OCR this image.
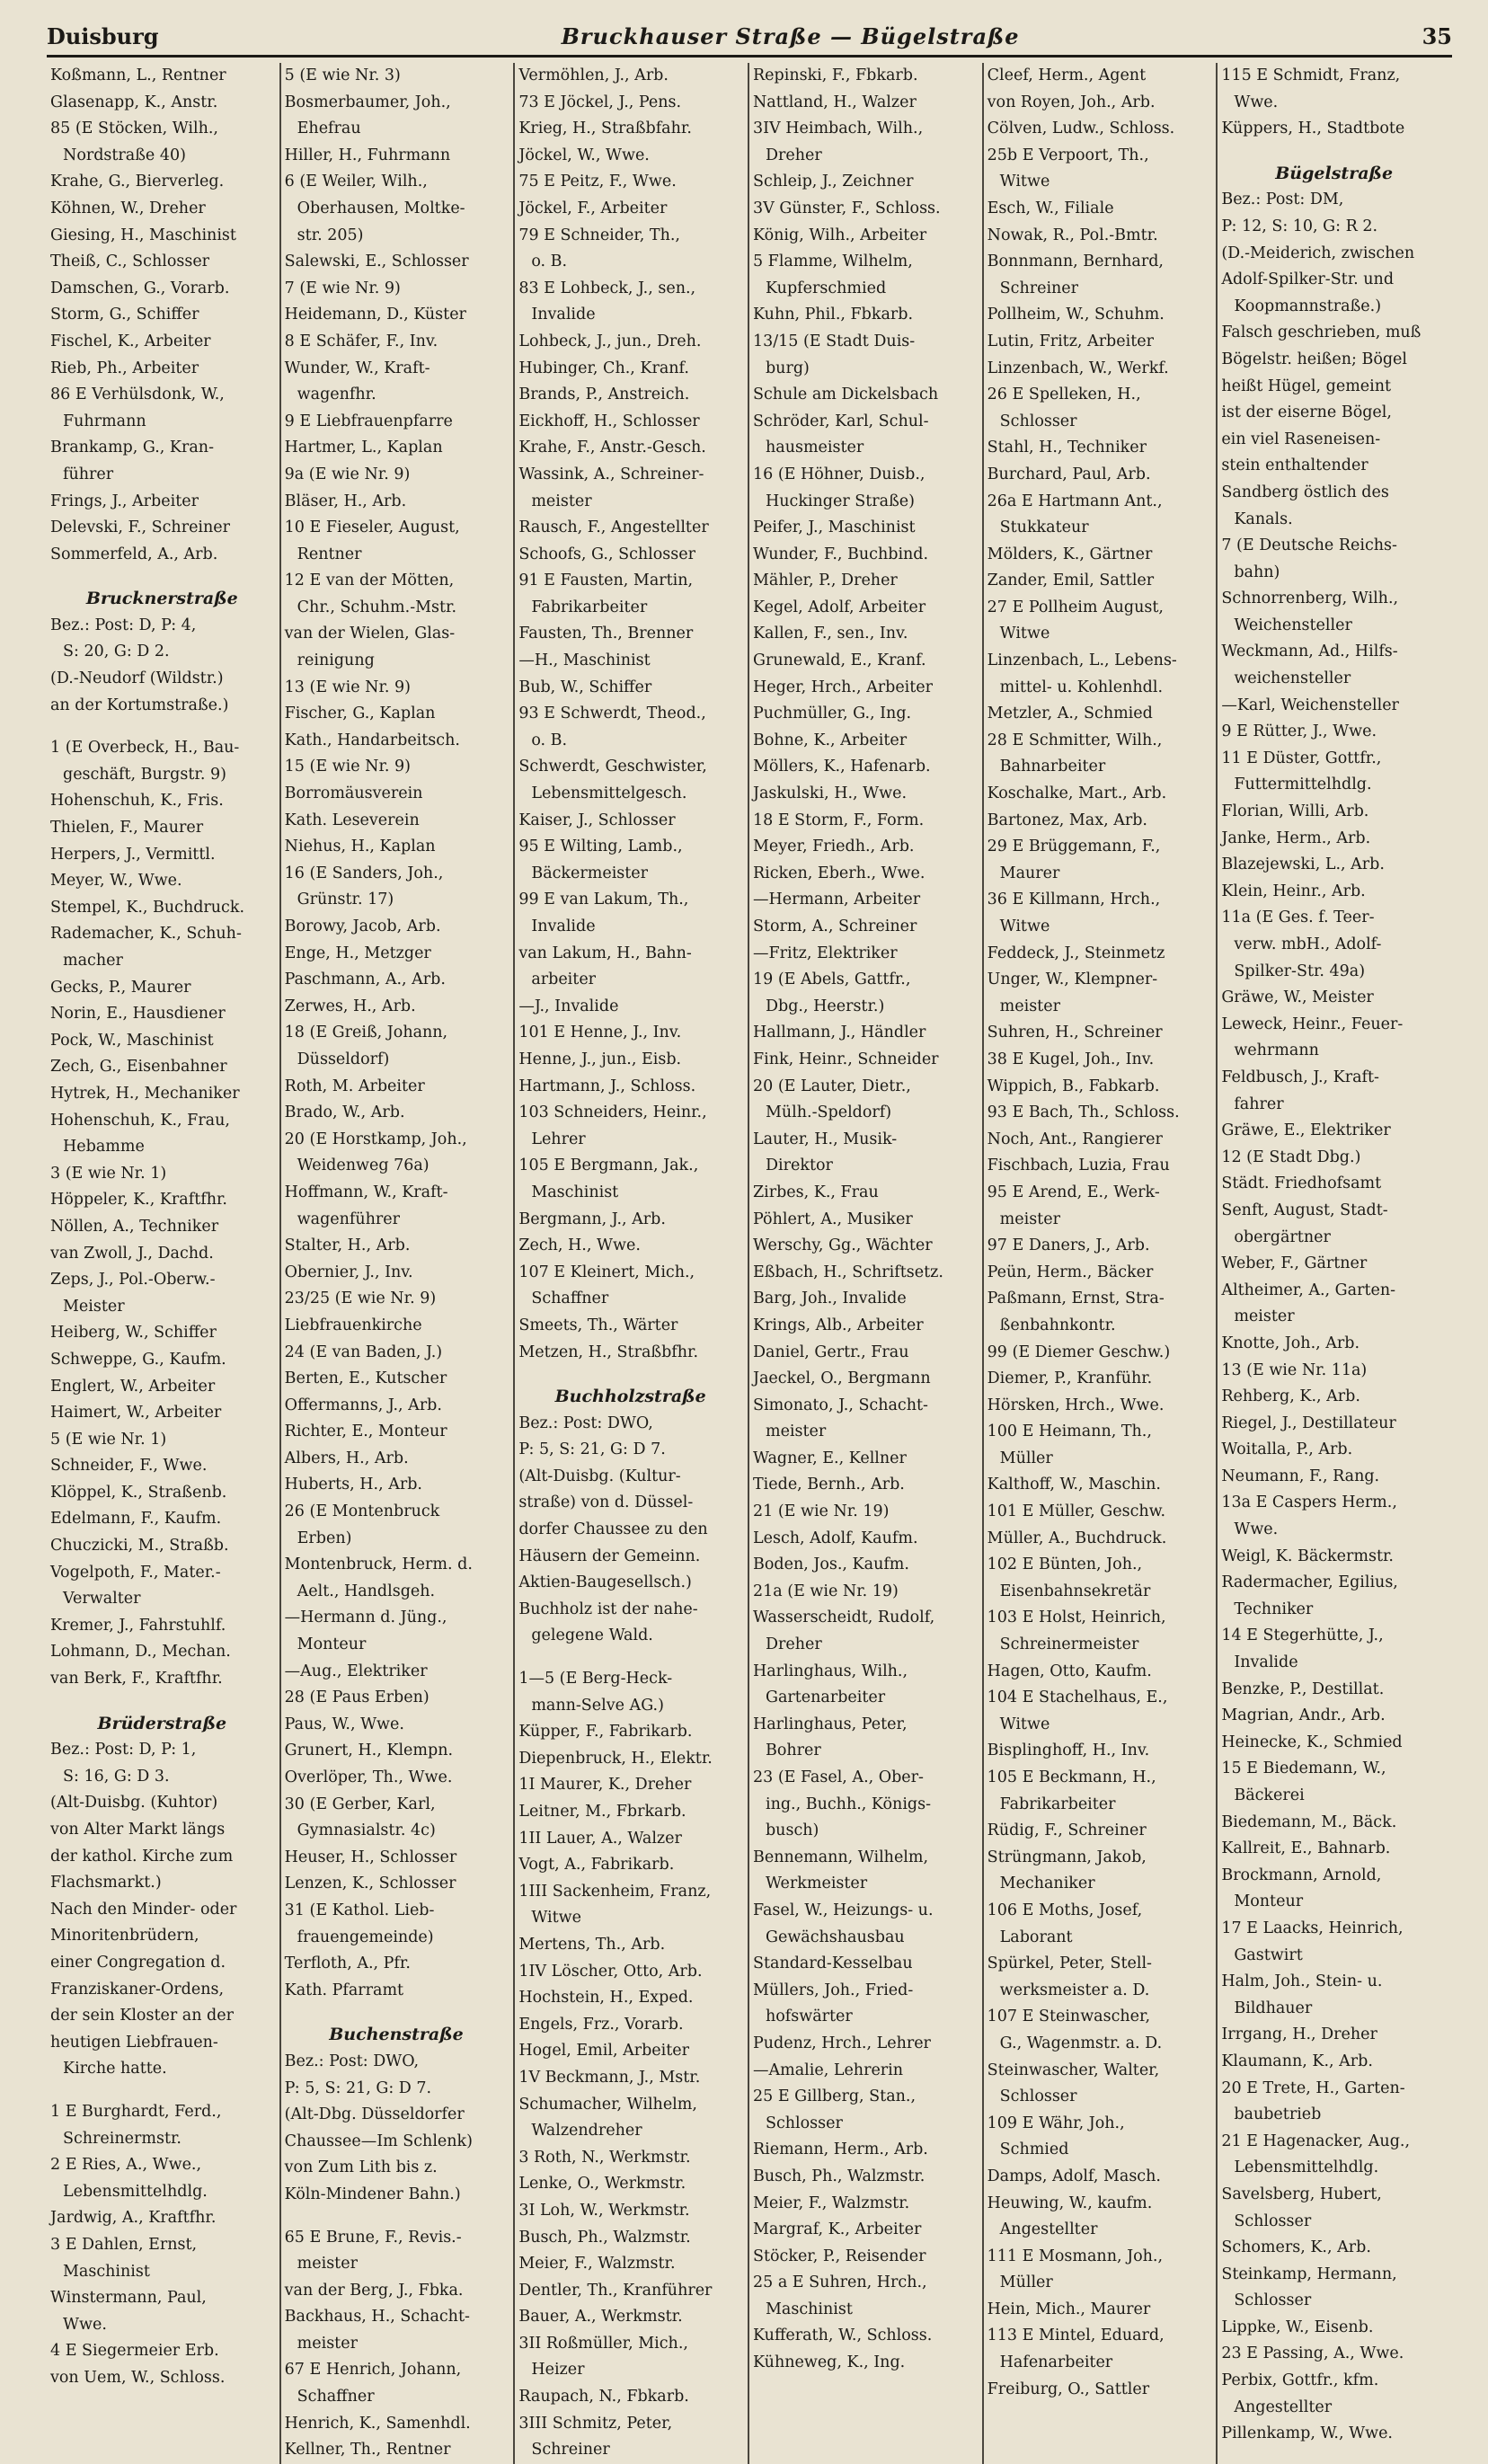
Duisburg	Bruckhauser Straße — Bügelstraße	35
Koßmann, L., Rentner
Glasenapp, K., Anstr.
85 (E Stöcken, Wilh.,
Nordstraße 40)
Krahe, G., Bierverleg.
Köhnen, W., Dreher
Giesing, H., Maschinist
Theiß, C., Schlosser
Damschen, G., Vorarb.
Storm, G., Schiffer
Fischel, K., Arbeiter
Rieb, Ph., Arbeiter
86 E Verhülsdonk, W.,
Fuhrmann
Brankamp, G., Kran-
führer
Frings, J., Arbeiter
Delevski, F., Schreiner
Sommerfeld, A., Arb.
Brucknerstraße
Bez.: Post: D, P: 4,
S: 20, G: D 2.
(D.-Neudorf (Wildstr.)
an der Kortumstraße.)
1 (E Overbeck, H., Bau-
geschäft, Burgstr. 9)
Hohenschuh, K., Fris.
Thielen, F., Maurer
Herpers, J., Vermittl.
Meyer, W., Wwe.
Stempel, K., Buchdruck.
Rademacher, K., Schuh-
macher
Gecks, P., Maurer
Norin, E., Hausdiener
Pock, W., Maschinist
Zech, G., Eisenbahner
Hytrek, H., Mechaniker
Hohenschuh, K., Frau,
Hebamme
3 (E wie Nr. 1)
Höppeler, K., Kraftfhr.
Nöllen, A., Techniker
van Zwoll, J., Dachd.
Zeps, J., Pol.-Oberw.-
Meister
Heiberg, W., Schiffer
Schweppe, G., Kaufm.
Englert, W., Arbeiter
Haimert, W., Arbeiter
5 (E wie Nr. 1)
Schneider, F., Wwe.
Klöppel, K., Straßenb.
Edelmann, F., Kaufm.
Chuczicki, M., Straßb.
Vogelpoth, F., Mater.-
Verwalter
Kremer, J., Fahrstuhlf.
Lohmann, D., Mechan.
van Berk, F., Kraftfhr.
Brüderstraße
Bez.: Post: D, P: 1,
S: 16, G: D 3.
(Alt-Duisbg. (Kuhtor)
von Alter Markt längs
der kathol. Kirche zum
Flachsmarkt.)
Nach den Minder- oder
Minoritenbrüdern,
einer Congregation d.
Franziskaner-Ordens,
der sein Kloster an der
heutigen Liebfrauen-
Kirche hatte.
1 E Burghardt, Ferd.,
Schreinermstr.
2 E Ries, A., Wwe.,
Lebensmittelhdlg.
Jardwig, A., Kraftfhr.
3 E Dahlen, Ernst,
Maschinist
Winstermann, Paul,
Wwe.
4 E Siegermeier Erb.
von Uem, W., Schloss.
5 (E wie Nr. 3)
Bosmerbaumer, Joh.,
Ehefrau
Hiller, H., Fuhrmann
6 (E Weiler, Wilh.,
Oberhausen, Moltke-
str. 205)
Salewski, E., Schlosser
7 (E wie Nr. 9)
Heidemann, D., Küster
8 E Schäfer, F., Inv.
Wunder, W., Kraft-
wagenfhr.
9 E Liebfrauenpfarre
Hartmer, L., Kaplan
9a (E wie Nr. 9)
Bläser, H., Arb.
10 E Fieseler, August,
Rentner
12 E van der Mötten,
Chr., Schuhm.-Mstr.
van der Wielen, Glas-
reinigung
13 (E wie Nr. 9)
Fischer, G., Kaplan
Kath., Handarbeitsch.
15 (E wie Nr. 9)
Borromäusverein
Kath. Leseverein
Niehus, H., Kaplan
16 (E Sanders, Joh.,
Grünstr. 17)
Borowy, Jacob, Arb.
Enge, H., Metzger
Paschmann, A., Arb.
Zerwes, H., Arb.
18 (E Greiß, Johann,
Düsseldorf)
Roth, M. Arbeiter
Brado, W., Arb.
20 (E Horstkamp, Joh.,
Weidenweg 76a)
Hoffmann, W., Kraft-
wagenführer
Stalter, H., Arb.
Obernier, J., Inv.
23/25 (E wie Nr. 9)
Liebfrauenkirche
24 (E van Baden, J.)
Berten, E., Kutscher
Offermanns, J., Arb.
Richter, E., Monteur
Albers, H., Arb.
Huberts, H., Arb.
26 (E Montenbruck
Erben)
Montenbruck, Herm. d.
Aelt., Handlsgeh.
—Hermann d. Jüng.,
Monteur
—Aug., Elektriker
28 (E Paus Erben)
Paus, W., Wwe.
Grunert, H., Klempn.
Overlöper, Th., Wwe.
30 (E Gerber, Karl,
Gymnasialstr. 4c)
Heuser, H., Schlosser
Lenzen, K., Schlosser
31 (E Kathol. Lieb-
frauengemeinde)
Terfloth, A., Pfr.
Kath. Pfarramt
Buchenstraße
Bez.: Post: DWO,
P: 5, S: 21, G: D 7.
(Alt-Dbg. Düsseldorfer
Chaussee—Im Schlenk)
von Zum Lith bis z.
Köln-Mindener Bahn.)
65 E Brune, F., Revis.-
meister
van der Berg, J., Fbka.
Backhaus, H., Schacht-
meister
67 E Henrich, Johann,
Schaffner
Henrich, K., Samenhdl.
Kellner, Th., Rentner
Vermöhlen, J., Arb.
73 E Jöckel, J., Pens.
Krieg, H., Straßbfahr.
Jöckel, W., Wwe.
75 E Peitz, F., Wwe.
Jöckel, F., Arbeiter
79 E Schneider, Th.,
o. B.
83 E Lohbeck, J., sen.,
Invalide
Lohbeck, J., jun., Dreh.
Hubinger, Ch., Kranf.
Brands, P., Anstreich.
Eickhoff, H., Schlosser
Krahe, F., Anstr.-Gesch.
Wassink, A., Schreiner-
meister
Rausch, F., Angestellter
Schoofs, G., Schlosser
91 E Fausten, Martin,
Fabrikarbeiter
Fausten, Th., Brenner
—H., Maschinist
Bub, W., Schiffer
93 E Schwerdt, Theod.,
o. B.
Schwerdt, Geschwister,
Lebensmittelgesch.
Kaiser, J., Schlosser
95 E Wilting, Lamb.,
Bäckermeister
99 E van Lakum, Th.,
Invalide
van Lakum, H., Bahn-
arbeiter
—J., Invalide
101 E Henne, J., Inv.
Henne, J., jun., Eisb.
Hartmann, J., Schloss.
103 Schneiders, Heinr.,
Lehrer
105 E Bergmann, Jak.,
Maschinist
Bergmann, J., Arb.
Zech, H., Wwe.
107 E Kleinert, Mich.,
Schaffner
Smeets, Th., Wärter
Metzen, H., Straßbfhr.
Buchholzstraße
Bez.: Post: DWO,
P: 5, S: 21, G: D 7.
(Alt-Duisbg. (Kultur-
straße) von d. Düssel-
dorfer Chaussee zu den
Häusern der Gemeinn.
Aktien-Baugesellsch.)
Buchholz ist der nahe-
gelegene Wald.
1—5 (E Berg-Heck-
mann-Selve AG.)
Küpper, F., Fabrikarb.
Diepenbruck, H., Elektr.
1I Maurer, K., Dreher
Leitner, M., Fbrkarb.
1II Lauer, A., Walzer
Vogt, A., Fabrikarb.
1III Sackenheim, Franz,
Witwe
Mertens, Th., Arb.
1IV Löscher, Otto, Arb.
Hochstein, H., Exped.
Engels, Frz., Vorarb.
Hogel, Emil, Arbeiter
1V Beckmann, J., Mstr.
Schumacher, Wilhelm,
Walzendreher
3 Roth, N., Werkmstr.
Lenke, O., Werkmstr.
3I Loh, W., Werkmstr.
Busch, Ph., Walzmstr.
Meier, F., Walzmstr.
Dentler, Th., Kranführer
Bauer, A., Werkmstr.
3II Roßmüller, Mich.,
Heizer
Raupach, N., Fbkarb.
3III Schmitz, Peter,
Schreiner
Repinski, F., Fbkarb.
Nattland, H., Walzer
3IV Heimbach, Wilh.,
Dreher
Schleip, J., Zeichner
3V Günster, F., Schloss.
König, Wilh., Arbeiter
5 Flamme, Wilhelm,
Kupferschmied
Kuhn, Phil., Fbkarb.
13/15 (E Stadt Duis-
burg)
Schule am Dickelsbach
Schröder, Karl, Schul-
hausmeister
16 (E Höhner, Duisb.,
Huckinger Straße)
Peifer, J., Maschinist
Wunder, F., Buchbind.
Mähler, P., Dreher
Kegel, Adolf, Arbeiter
Kallen, F., sen., Inv.
Grunewald, E., Kranf.
Heger, Hrch., Arbeiter
Puchmüller, G., Ing.
Bohne, K., Arbeiter
Möllers, K., Hafenarb.
Jaskulski, H., Wwe.
18 E Storm, F., Form.
Meyer, Friedh., Arb.
Ricken, Eberh., Wwe.
—Hermann, Arbeiter
Storm, A., Schreiner
—Fritz, Elektriker
19 (E Abels, Gattfr.,
Dbg., Heerstr.)
Hallmann, J., Händler
Fink, Heinr., Schneider
20 (E Lauter, Dietr.,
Mülh.-Speldorf)
Lauter, H., Musik-
Direktor
Zirbes, K., Frau
Pöhlert, A., Musiker
Werschy, Gg., Wächter
Eßbach, H., Schriftsetz.
Barg, Joh., Invalide
Krings, Alb., Arbeiter
Daniel, Gertr., Frau
Jaeckel, O., Bergmann
Simonato, J., Schacht-
meister
Wagner, E., Kellner
Tiede, Bernh., Arb.
21 (E wie Nr. 19)
Lesch, Adolf, Kaufm.
Boden, Jos., Kaufm.
21a (E wie Nr. 19)
Wasserscheidt, Rudolf,
Dreher
Harlinghaus, Wilh.,
Gartenarbeiter
Harlinghaus, Peter,
Bohrer
23 (E Fasel, A., Ober-
ing., Buchh., Königs-
busch)
Bennemann, Wilhelm,
Werkmeister
Fasel, W., Heizungs- u.
Gewächshausbau
Standard-Kesselbau
Müllers, Joh., Fried-
hofswärter
Pudenz, Hrch., Lehrer
—Amalie, Lehrerin
25 E Gillberg, Stan.,
Schlosser
Riemann, Herm., Arb.
Busch, Ph., Walzmstr.
Meier, F., Walzmstr.
Margraf, K., Arbeiter
Stöcker, P., Reisender
25 a E Suhren, Hrch.,
Maschinist
Kufferath, W., Schloss.
Kühneweg, K., Ing.
Cleef, Herm., Agent
von Royen, Joh., Arb.
Cölven, Ludw., Schloss.
25b E Verpoort, Th.,
Witwe
Esch, W., Filiale
Nowak, R., Pol.-Bmtr.
Bonnmann, Bernhard,
Schreiner
Pollheim, W., Schuhm.
Lutin, Fritz, Arbeiter
Linzenbach, W., Werkf.
26 E Spelleken, H.,
Schlosser
Stahl, H., Techniker
Burchard, Paul, Arb.
26a E Hartmann Ant.,
Stukkateur
Mölders, K., Gärtner
Zander, Emil, Sattler
27 E Pollheim August,
Witwe
Linzenbach, L., Lebens-
mittel- u. Kohlenhdl.
Metzler, A., Schmied
28 E Schmitter, Wilh.,
Bahnarbeiter
Koschalke, Mart., Arb.
Bartonez, Max, Arb.
29 E Brüggemann, F.,
Maurer
36 E Killmann, Hrch.,
Witwe
Feddeck, J., Steinmetz
Unger, W., Klempner-
meister
Suhren, H., Schreiner
38 E Kugel, Joh., Inv.
Wippich, B., Fabkarb.
93 E Bach, Th., Schloss.
Noch, Ant., Rangierer
Fischbach, Luzia, Frau
95 E Arend, E., Werk-
meister
97 E Daners, J., Arb.
Peün, Herm., Bäcker
Paßmann, Ernst, Stra-
ßenbahnkontr.
99 (E Diemer Geschw.)
Diemer, P., Kranführ.
Hörsken, Hrch., Wwe.
100 E Heimann, Th.,
Müller
Kalthoff, W., Maschin.
101 E Müller, Geschw.
Müller, A., Buchdruck.
102 E Bünten, Joh.,
Eisenbahnsekretär
103 E Holst, Heinrich,
Schreinermeister
Hagen, Otto, Kaufm.
104 E Stachelhaus, E.,
Witwe
Bisplinghoff, H., Inv.
105 E Beckmann, H.,
Fabrikarbeiter
Rüdig, F., Schreiner
Strüngmann, Jakob,
Mechaniker
106 E Moths, Josef,
Laborant
Spürkel, Peter, Stell-
werksmeister a. D.
107 E Steinwascher,
G., Wagenmstr. a. D.
Steinwascher, Walter,
Schlosser
109 E Währ, Joh.,
Schmied
Damps, Adolf, Masch.
Heuwing, W., kaufm.
Angestellter
111 E Mosmann, Joh.,
Müller
Hein, Mich., Maurer
113 E Mintel, Eduard,
Hafenarbeiter
Freiburg, O., Sattler
115 E Schmidt, Franz,
Wwe.
Küppers, H., Stadtbote
Bügelstraße
Bez.: Post: DM,
P: 12, S: 10, G: R 2.
(D.-Meiderich, zwischen
Adolf-Spilker-Str. und
Koopmannstraße.)
Falsch geschrieben, muß
Bögelstr. heißen; Bögel
heißt Hügel, gemeint
ist der eiserne Bögel,
ein viel Raseneisen-
stein enthaltender
Sandberg östlich des
Kanals.
7 (E Deutsche Reichs-
bahn)
Schnorrenberg, Wilh.,
Weichensteller
Weckmann, Ad., Hilfs-
weichensteller
—Karl, Weichensteller
9 E Rütter, J., Wwe.
11 E Düster, Gottfr.,
Futtermittelhdlg.
Florian, Willi, Arb.
Janke, Herm., Arb.
Blazejewski, L., Arb.
Klein, Heinr., Arb.
11a (E Ges. f. Teer-
verw. mbH., Adolf-
Spilker-Str. 49a)
Gräwe, W., Meister
Leweck, Heinr., Feuer-
wehrmann
Feldbusch, J., Kraft-
fahrer
Gräwe, E., Elektriker
12 (E Stadt Dbg.)
Städt. Friedhofsamt
Senft, August, Stadt-
obergärtner
Weber, F., Gärtner
Altheimer, A., Garten-
meister
Knotte, Joh., Arb.
13 (E wie Nr. 11a)
Rehberg, K., Arb.
Riegel, J., Destillateur
Woitalla, P., Arb.
Neumann, F., Rang.
13a E Caspers Herm.,
Wwe.
Weigl, K. Bäckermstr.
Radermacher, Egilius,
Techniker
14 E Stegerhütte, J.,
Invalide
Benzke, P., Destillat.
Magrian, Andr., Arb.
Heinecke, K., Schmied
15 E Biedemann, W.,
Bäckerei
Biedemann, M., Bäck.
Kallreit, E., Bahnarb.
Brockmann, Arnold,
Monteur
17 E Laacks, Heinrich,
Gastwirt
Halm, Joh., Stein- u.
Bildhauer
Irrgang, H., Dreher
Klaumann, K., Arb.
20 E Trete, H., Garten-
baubetrieb
21 E Hagenacker, Aug.,
Lebensmittelhdlg.
Savelsberg, Hubert,
Schlosser
Schomers, K., Arb.
Steinkamp, Hermann,
Schlosser
Lippke, W., Eisenb.
23 E Passing, A., Wwe.
Perbix, Gottfr., kfm.
Angestellter
Pillenkamp, W., Wwe.
